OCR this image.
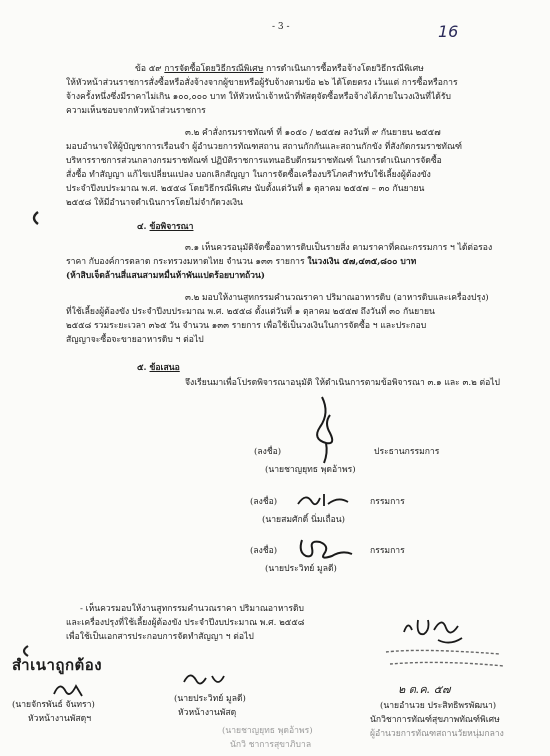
- 3 -	16
ข้อ ๕๙ การจัดซื้อโดยวิธีกรณีพิเศษ การดำเนินการซื้อหรือจ้างโดยวิธีกรณีพิเศษ
ให้หัวหน้าส่วนราชการสั่งซื้อหรือสั่งจ้างจากผู้ขายหรือผู้รับจ้างตามข้อ ๒๖ ได้โดยตรง เว้นแต่ การซื้อหรือการ
จ้างครั้งหนึ่งซึ่งมีราคาไม่เกิน ๑๐๐,๐๐๐ บาท ให้หัวหน้าเจ้าหน้าที่พัสดุจัดซื้อหรือจ้างได้ภายในวงเงินที่ได้รับ
ความเห็นชอบจากหัวหน้าส่วนราชการ
๓.๒ คำสั่งกรมราชทัณฑ์ ที่ ๑๐๕๐ / ๒๕๕๗ ลงวันที่ ๙ กันยายน ๒๕๕๗
มอบอำนาจให้ผู้บัญชาการเรือนจำ ผู้อำนวยการทัณฑสถาน สถานกักกันและสถานกักขัง ที่สังกัดกรมราชทัณฑ์
บริหารราชการส่วนกลางกรมราชทัณฑ์ ปฏิบัติราชการแทนอธิบดีกรมราชทัณฑ์ ในการดำเนินการจัดซื้อ
สั่งซื้อ ทำสัญญา แก้ไขเปลี่ยนแปลง บอกเลิกสัญญา ในการจัดซื้อเครื่องบริโภคสำหรับใช้เลี้ยงผู้ต้องขัง
ประจำปีงบประมาณ พ.ศ. ๒๕๕๘ โดยวิธีกรณีพิเศษ นับตั้งแต่วันที่ ๑ ตุลาคม ๒๕๕๗ – ๓๐ กันยายน
๒๕๕๘ ให้มีอำนาจดำเนินการโดยไม่จำกัดวงเงิน
๔. ข้อพิจารณา
๓.๑ เห็นควรอนุมัติจัดซื้ออาหารดิบเป็นรายสิ่ง ตามราคาที่คณะกรรมการ ฯ ได้ต่อรอง
ราคา กับองค์การตลาด กระทรวงมหาดไทย จำนวน ๑๓๓ รายการ ในวงเงิน ๕๗,๔๓๕,๘๐๐ บาท
(ห้าสิบเจ็ดล้านสี่แสนสามหมื่นห้าพันแปดร้อยบาทถ้วน)
๓.๒ มอบให้งานสูทกรรมคำนวณราคา ปริมาณอาหารดิบ (อาหารดิบและเครื่องปรุง)
ที่ใช้เลี้ยงผู้ต้องขัง ประจำปีงบประมาณ พ.ศ. ๒๕๕๘ ตั้งแต่วันที่ ๑ ตุลาคม ๒๕๕๗ ถึงวันที่ ๓๐ กันยายน
๒๕๕๘ รวมระยะเวลา ๓๖๕ วัน จำนวน ๑๓๓ รายการ เพื่อใช้เป็นวงเงินในการจัดซื้อ ฯ และประกอบ
สัญญาจะซื้อจะขายอาหารดิบ ฯ ต่อไป
๕. ข้อเสนอ
จึงเรียนมาเพื่อโปรดพิจารณาอนุมัติ ให้ดำเนินการตามข้อพิจารณา ๓.๑ และ ๓.๒ ต่อไป
(ลงชื่อ)	ประธานกรรมการ
(นายชาญยุทธ พุดอ้าพร)
(ลงชื่อ)	กรรมการ
(นายสมศักดิ์ นิ่มเถื่อน)
(ลงชื่อ)	กรรมการ
(นายประวิทย์ มูลดี)
- เห็นควรมอบให้งานสูทกรรมคำนวณราคา ปริมาณอาหารดิบ
และเครื่องปรุงที่ใช้เลี้ยงผู้ต้องขัง ประจำปีงบประมาณ พ.ศ. ๒๕๕๘
เพื่อใช้เป็นเอกสารประกอบการจัดทำสัญญา ฯ ต่อไป
สำเนาถูกต้อง
(นายจักรพันธ์ จันทรา)
หัวหน้างานพัสดุฯ
(นายประวิทย์ มูลดี)
หัวหน้างานพัสดุ
(นายชาญยุทธ พุดอ้าพร)
นักวิ ชาการสุขาภิบาล
๒ ต.ค. ๕๗
(นายอำนวย ประสิทธิพรพัฒนา)
นักวิชาการทัณฑ์สุขภาพทัณฑ์พิเศษ
ผู้อำนวยการทัณฑสถานวัยหนุ่มกลาง
